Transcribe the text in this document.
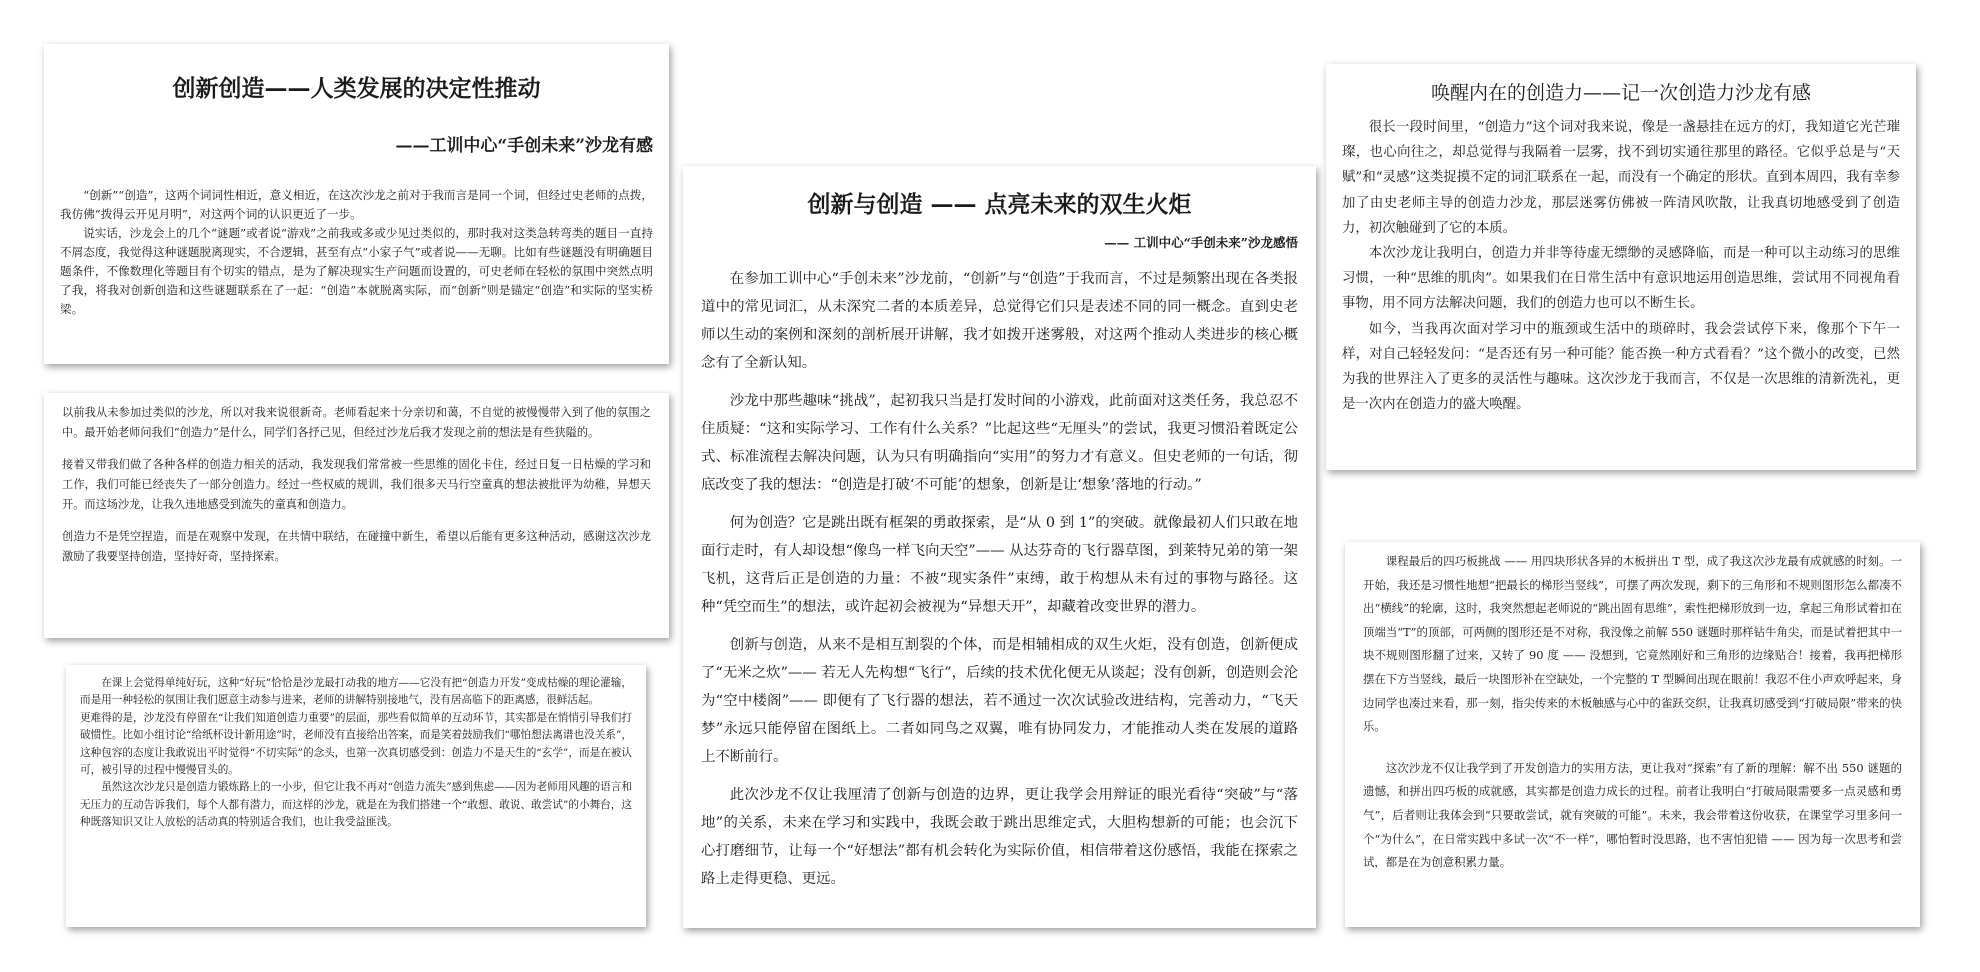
创新创造——人类发展的决定性推动
——工训中心“手创未来”沙龙有感

“创新”“创造”，这两个词词性相近，意义相近，在这次沙龙之前对于我而言是同一个词，但经过史老师的点拨，我仿佛“拨得云开见月明”，对这两个词的认识更近了一步。

说实话，沙龙会上的几个“谜题”或者说“游戏”之前我或多或少见过类似的，那时我对这类急转弯类的题目一直持不屑态度，我觉得这种谜题脱离现实，不合逻辑，甚至有点“小家子气”或者说——无聊。比如有些谜题没有明确题目题条件，不像数理化等题目有个切实的错点，是为了解决现实生产问题而设置的，可史老师在轻松的氛围中突然点明了我，将我对创新创造和这些谜题联系在了一起：“创造”本就脱离实际，而“创新”则是锚定“创造”和实际的坚实桥梁。

以前我从未参加过类似的沙龙，所以对我来说很新奇。老师看起来十分亲切和蔼，不自觉的被慢慢带入到了他的氛围之中。最开始老师问我们“创造力”是什么，同学们各抒己见，但经过沙龙后我才发现之前的想法是有些狭隘的。

接着又带我们做了各种各样的创造力相关的活动，我发现我们常常被一些思维的固化卡住，经过日复一日枯燥的学习和工作，我们可能已经丧失了一部分创造力。经过一些权威的规训，我们很多天马行空童真的想法被批评为幼稚，异想天开。而这场沙龙，让我久违地感受到流失的童真和创造力。

创造力不是凭空捏造，而是在观察中发现，在共情中联结，在碰撞中新生，希望以后能有更多这种活动，感谢这次沙龙激励了我要坚持创造，坚持好奇，坚持探索。

在课上会觉得单纯好玩，这种“好玩”恰恰是沙龙最打动我的地方——它没有把“创造力开发”变成枯燥的理论灌输，而是用一种轻松的氛围让我们愿意主动参与进来，老师的讲解特别接地气，没有居高临下的距离感，很鲜活起。

更难得的是，沙龙没有停留在“让我们知道创造力重要”的层面，那些看似简单的互动环节，其实都是在悄悄引导我们打破惯性。比如小组讨论“给纸杯设计新用途”时，老师没有直接给出答案，而是笑着鼓励我们“哪怕想法离谱也没关系”，这种包容的态度让我敢说出平时觉得“不切实际”的念头，也第一次真切感受到：创造力不是天生的“玄学”，而是在被认可，被引导的过程中慢慢冒头的。

虽然这次沙龙只是创造力锻炼路上的一小步，但它让我不再对“创造力流失”感到焦虑——因为老师用风趣的语言和无压力的互动告诉我们，每个人都有潜力，而这样的沙龙，就是在为我们搭建一个“敢想、敢说、敢尝试”的小舞台，这种既落知识又让人放松的活动真的特别适合我们，也让我受益匪浅。

创新与创造 —— 点亮未来的双生火炬
—— 工训中心“手创未来”沙龙感悟

在参加工训中心“手创未来”沙龙前，“创新”与“创造”于我而言，不过是频繁出现在各类报道中的常见词汇，从未深究二者的本质差异，总觉得它们只是表述不同的同一概念。直到史老师以生动的案例和深刻的剖析展开讲解，我才如拨开迷雾般，对这两个推动人类进步的核心概念有了全新认知。

沙龙中那些趣味“挑战”，起初我只当是打发时间的小游戏，此前面对这类任务，我总忍不住质疑：“这和实际学习、工作有什么关系？”比起这些“无厘头”的尝试，我更习惯沿着既定公式、标准流程去解决问题，认为只有明确指向“实用”的努力才有意义。但史老师的一句话，彻底改变了我的想法：“创造是打破‘不可能’的想象，创新是让‘想象’落地的行动。”

何为创造？它是跳出既有框架的勇敢探索，是“从 0 到 1”的突破。就像最初人们只敢在地面行走时，有人却设想“像鸟一样飞向天空”—— 从达芬奇的飞行器草图，到莱特兄弟的第一架飞机，这背后正是创造的力量：不被“现实条件”束缚，敢于构想从未有过的事物与路径。这种“凭空而生”的想法，或许起初会被视为“异想天开”，却藏着改变世界的潜力。

创新与创造，从来不是相互割裂的个体，而是相辅相成的双生火炬，没有创造，创新便成了“无米之炊”—— 若无人先构想“飞行”，后续的技术优化便无从谈起；没有创新，创造则会沦为“空中楼阁”—— 即便有了飞行器的想法，若不通过一次次试验改进结构，完善动力，“飞天梦”永远只能停留在图纸上。二者如同鸟之双翼，唯有协同发力，才能推动人类在发展的道路上不断前行。

此次沙龙不仅让我厘清了创新与创造的边界，更让我学会用辩证的眼光看待“突破”与“落地”的关系，未来在学习和实践中，我既会敢于跳出思维定式，大胆构想新的可能；也会沉下心打磨细节，让每一个“好想法”都有机会转化为实际价值，相信带着这份感悟，我能在探索之路上走得更稳、更远。

唤醒内在的创造力——记一次创造力沙龙有感

很长一段时间里，“创造力”这个词对我来说，像是一盏悬挂在远方的灯，我知道它光芒璀璨，也心向往之，却总觉得与我隔着一层雾，找不到切实通往那里的路径。它似乎总是与“天赋”和“灵感”这类捉摸不定的词汇联系在一起，而没有一个确定的形状。直到本周四，我有幸参加了由史老师主导的创造力沙龙，那层迷雾仿佛被一阵清风吹散，让我真切地感受到了创造力，初次触碰到了它的本质。

本次沙龙让我明白，创造力并非等待虚无缥缈的灵感降临，而是一种可以主动练习的思维习惯，一种“思维的肌肉”。如果我们在日常生活中有意识地运用创造思维，尝试用不同视角看事物，用不同方法解决问题，我们的创造力也可以不断生长。

如今，当我再次面对学习中的瓶颈或生活中的琐碎时，我会尝试停下来，像那个下午一样，对自己轻轻发问：“是否还有另一种可能？能否换一种方式看看？”这个微小的改变，已然为我的世界注入了更多的灵活性与趣味。这次沙龙于我而言，不仅是一次思维的清新洗礼，更是一次内在创造力的盛大唤醒。

课程最后的四巧板挑战 —— 用四块形状各异的木板拼出 T 型，成了我这次沙龙最有成就感的时刻。一开始，我还是习惯性地想“把最长的梯形当竖线”，可摆了两次发现，剩下的三角形和不规则图形怎么都凑不出“横线”的轮廓，这时，我突然想起老师说的“跳出固有思维”，索性把梯形放到一边，拿起三角形试着扣在顶端当“T”的顶部，可两侧的图形还是不对称，我没像之前解 550 谜题时那样钻牛角尖，而是试着把其中一块不规则图形翻了过来，又转了 90 度 —— 没想到，它竟然刚好和三角形的边缘贴合！接着，我再把梯形摆在下方当竖线，最后一块图形补在空缺处，一个完整的 T 型瞬间出现在眼前！我忍不住小声欢呼起来，身边同学也凑过来看，那一刻，指尖传来的木板触感与心中的雀跃交织，让我真切感受到“打破局限”带来的快乐。

这次沙龙不仅让我学到了开发创造力的实用方法，更让我对“探索”有了新的理解：解不出 550 谜题的遗憾，和拼出四巧板的成就感，其实都是创造力成长的过程。前者让我明白“打破局限需要多一点灵感和勇气”，后者则让我体会到“只要敢尝试，就有突破的可能”。未来，我会带着这份收获，在课堂学习里多问一个“为什么”，在日常实践中多试一次“不一样”，哪怕暂时没思路，也不害怕犯错 —— 因为每一次思考和尝试，都是在为创意积累力量。
